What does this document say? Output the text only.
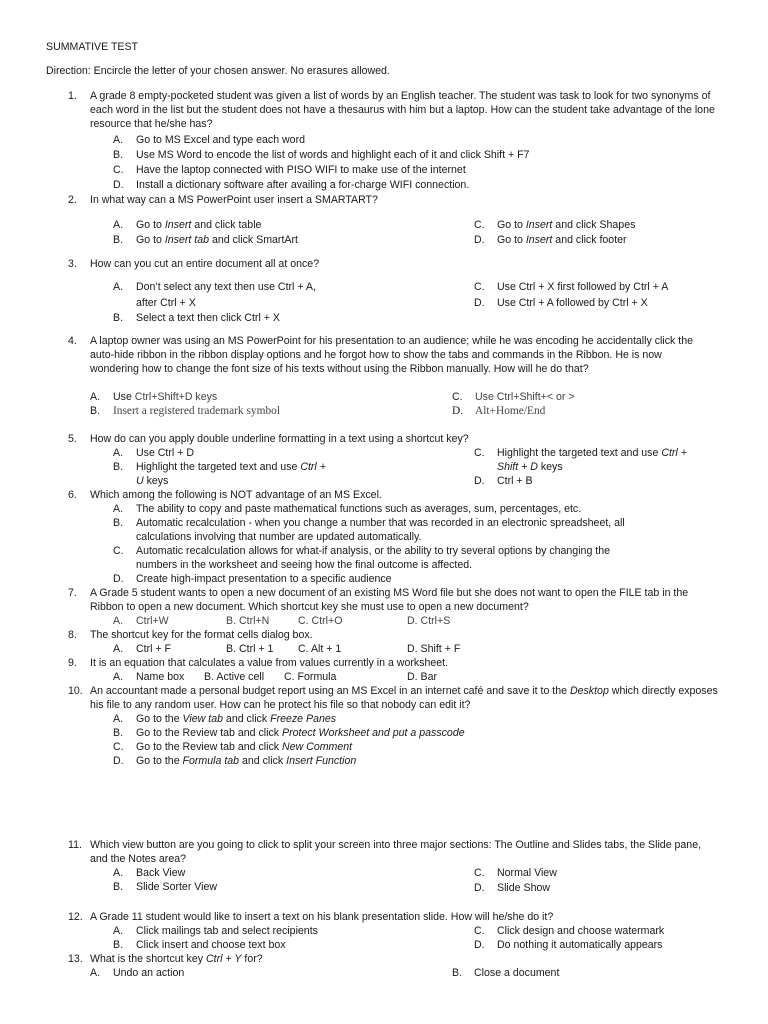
SUMMATIVE TEST
Direction: Encircle the letter of your chosen answer. No erasures allowed.
1. A grade 8 empty-pocketed student was given a list of words by an English teacher. The student was task to look for two synonyms of each word in the list but the student does not have a thesaurus with him but a laptop. How can the student take advantage of the lone resource that he/she has?
A. Go to MS Excel and type each word
B. Use MS Word to encode the list of words and highlight each of it and click Shift + F7
C. Have the laptop connected with PISO WIFI to make use of the internet
D. Install a dictionary software after availing a for-charge WIFI connection.
2. In what way can a MS PowerPoint user insert a SMARTART?
A. Go to Insert and click table
B. Go to Insert tab and click SmartArt
C. Go to Insert and click Shapes
D. Go to Insert and click footer
3. How can you cut an entire document all at once?
A. Don’t select any text then use Ctrl + A,
after Ctrl + X
B. Select a text then click Ctrl + X
C. Use Ctrl + X first followed by Ctrl + A
D. Use Ctrl + A followed by Ctrl + X
4. A laptop owner was using an MS PowerPoint for his presentation to an audience; while he was encoding he accidentally click the auto-hide ribbon in the ribbon display options and he forgot how to show the tabs and commands in the Ribbon. He is now wondering how to change the font size of his texts without using the Ribbon manually. How will he do that?
A. Use Ctrl+Shift+D keys
B. Insert a registered trademark symbol
C. Use Ctrl+Shift+< or >
D. Alt+Home/End
5. How do can you apply double underline formatting in a text using a shortcut key?
A. Use Ctrl + D
B. Highlight the targeted text and use Ctrl +
U keys
C. Highlight the targeted text and use Ctrl +
Shift + D keys
D. Ctrl + B
6. Which among the following is NOT advantage of an MS Excel.
A. The ability to copy and paste mathematical functions such as averages, sum, percentages, etc.
B. Automatic recalculation - when you change a number that was recorded in an electronic spreadsheet, all
calculations involving that number are updated automatically.
C. Automatic recalculation allows for what-if analysis, or the ability to try several options by changing the
numbers in the worksheet and seeing how the final outcome is affected.
D. Create high-impact presentation to a specific audience
7. A Grade 5 student wants to open a new document of an existing MS Word file but she does not want to open the FILE tab in the Ribbon to open a new document. Which shortcut key she must use to open a new document?
A. Ctrl+W	B. Ctrl+N	C. Ctrl+O	D. Ctrl+S
8. The shortcut key for the format cells dialog box.
A. Ctrl + F	B. Ctrl + 1 C. Alt + 1	D. Shift + F
9. It is an equation that calculates a value from values currently in a worksheet.
A. Name box B. Active cell C. Formula	D. Bar
10. An accountant made a personal budget report using an MS Excel in an internet café and save it to the Desktop which directly exposes his file to any random user. How can he protect his file so that nobody can edit it?
A. Go to the View tab and click Freeze Panes
B. Go to the Review tab and click Protect Worksheet and put a passcode
C. Go to the Review tab and click New Comment
D. Go to the Formula tab and click Insert Function
11. Which view button are you going to click to split your screen into three major sections: The Outline and Slides tabs, the Slide pane, and the Notes area?
A. Back View
B. Slide Sorter View
C. Normal View
D. Slide Show
12. A Grade 11 student would like to insert a text on his blank presentation slide. How will he/she do it?
A. Click mailings tab and select recipients
B. Click insert and choose text box
C. Click design and choose watermark
D. Do nothing it automatically appears
13. What is the shortcut key Ctrl + Y for?
A. Undo an action	B. Close a document
